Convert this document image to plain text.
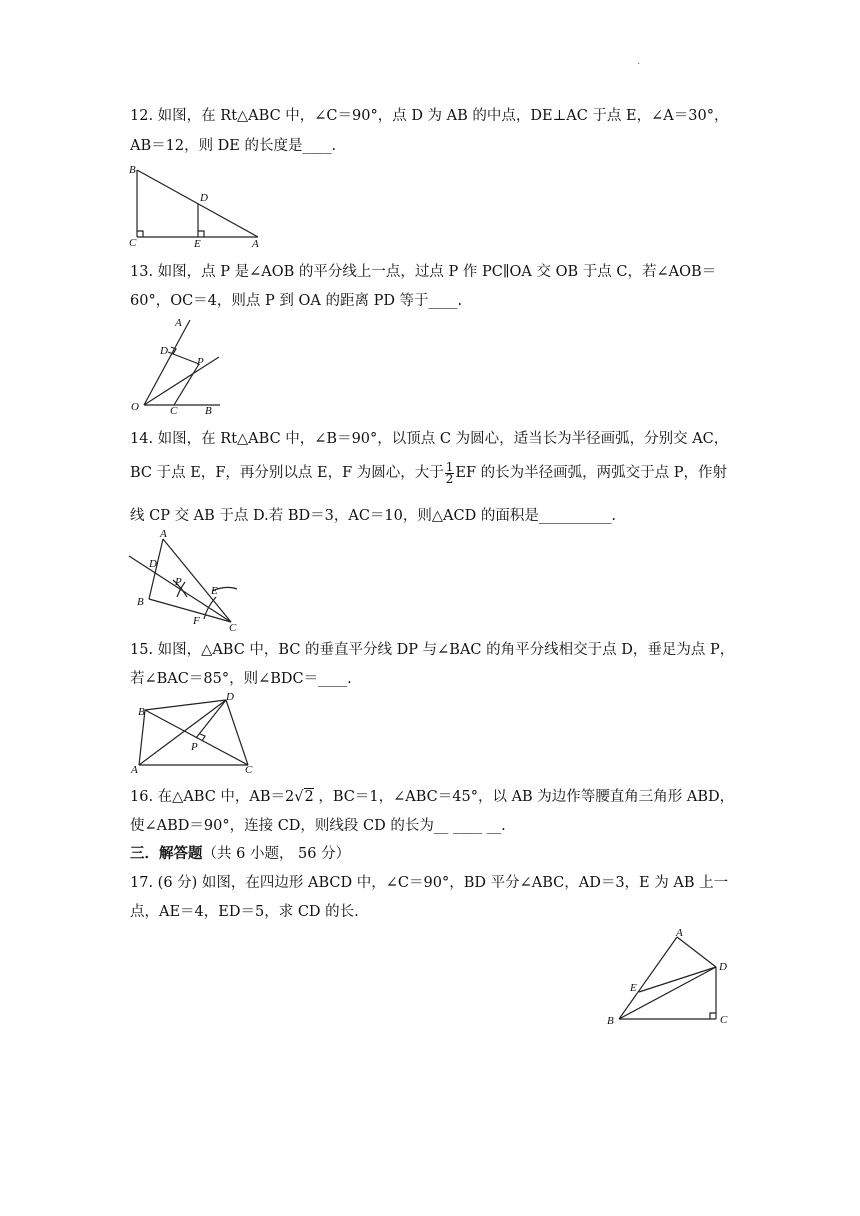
.
12. 如图，在 Rt△ABC 中，∠C＝90°，点 D 为 AB 的中点，DE⊥AC 于点 E，∠A＝30°，
AB＝12，则 DE 的长度是____.
B
D
C	E	A
13. 如图，点 P 是∠AOB 的平分线上一点，过点 P 作 PC∥OA 交 OB 于点 C，若∠AOB＝
60°，OC＝4，则点 P 到 OA 的距离 PD 等于____.
A
D
P
O	C	B
14. 如图，在 Rt△ABC 中，∠B＝90°，以顶点 C 为圆心，适当长为半径画弧，分别交 AC，
BC 于点 E，F，再分别以点 E，F 为圆心，大于 $\frac{1}{2}$ EF 的长为半径画弧，两弧交于点 P，作射
线 CP 交 AB 于点 D.若 BD＝3，AC＝10，则△ACD 的面积是__________.
A
D
P
E
B
F
C
15. 如图，△ABC 中，BC 的垂直平分线 DP 与∠BAC 的角平分线相交于点 D，垂足为点 P，
若∠BAC＝85°，则∠BDC＝____.
D
B
P
A	C
16. 在△ABC 中，AB＝2√2 ，BC＝1，∠ABC＝45°，以 AB 为边作等腰直角三角形 ABD，
使∠ABD＝90°，连接 CD，则线段 CD 的长为__ ____ __.
三．解答题（共 6 小题， 56 分）
17. (6 分) 如图，在四边形 ABCD 中，∠C＝90°，BD 平分∠ABC，AD＝3，E 为 AB 上一
点，AE＝4，ED＝5，求 CD 的长.
A
D
E
B	C
